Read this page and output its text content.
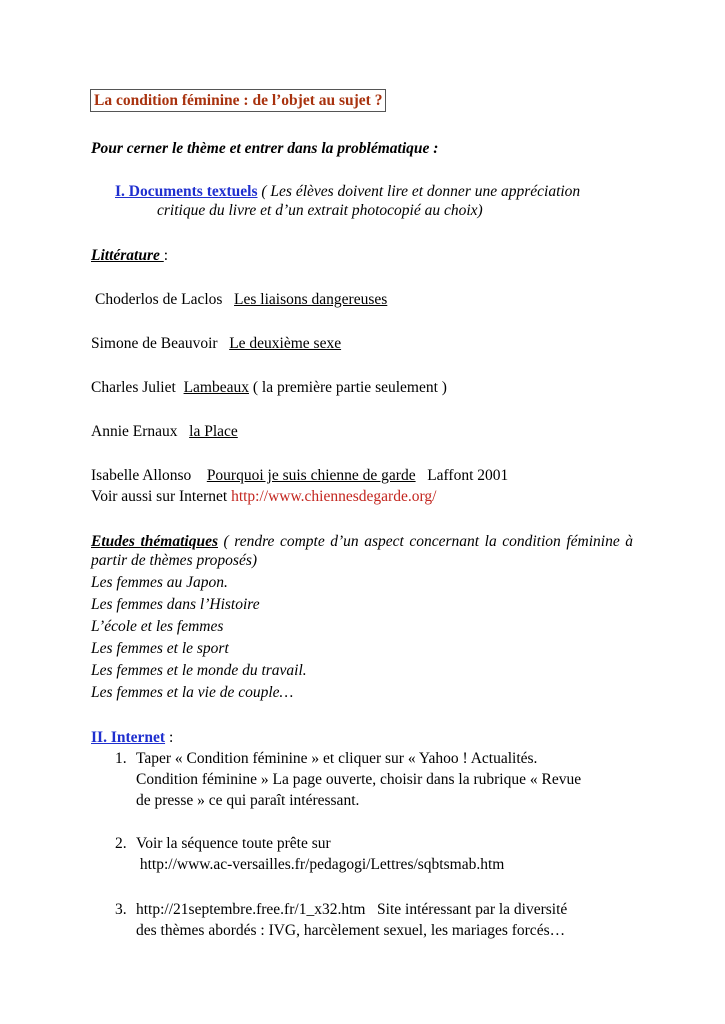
La condition féminine : de l’objet au sujet ?

Pour cerner le thème et entrer dans la problématique :

I. Documents textuels ( Les élèves doivent lire et donner une appréciation

critique du livre et d’un extrait photocopié au choix)

Littérature :

Choderlos de Laclos Les liaisons dangereuses

Simone de Beauvoir Le deuxième sexe

Charles Juliet Lambeaux ( la première partie seulement )

Annie Ernaux la Place

Isabelle Allonso Pourquoi je suis chienne de garde Laffont 2001

Voir aussi sur Internet http://www.chiennesdegarde.org/

Etudes thématiques ( rendre compte d’un aspect concernant la condition féminine à partir de thèmes proposés)

Les femmes au Japon.

Les femmes dans l’Histoire

L’école et les femmes

Les femmes et le sport

Les femmes et le monde du travail.

Les femmes et la vie de couple…

II. Internet :

1. Taper « Condition féminine » et cliquer sur « Yahoo ! Actualités.

Condition féminine » La page ouverte, choisir dans la rubrique « Revue

de presse » ce qui paraît intéressant.

2. Voir la séquence toute prête sur

http://www.ac-versailles.fr/pedagogi/Lettres/sqbtsmab.htm

3. http://21septembre.free.fr/1_x32.htm   Site intéressant par la diversité

des thèmes abordés : IVG, harcèlement sexuel, les mariages forcés…
